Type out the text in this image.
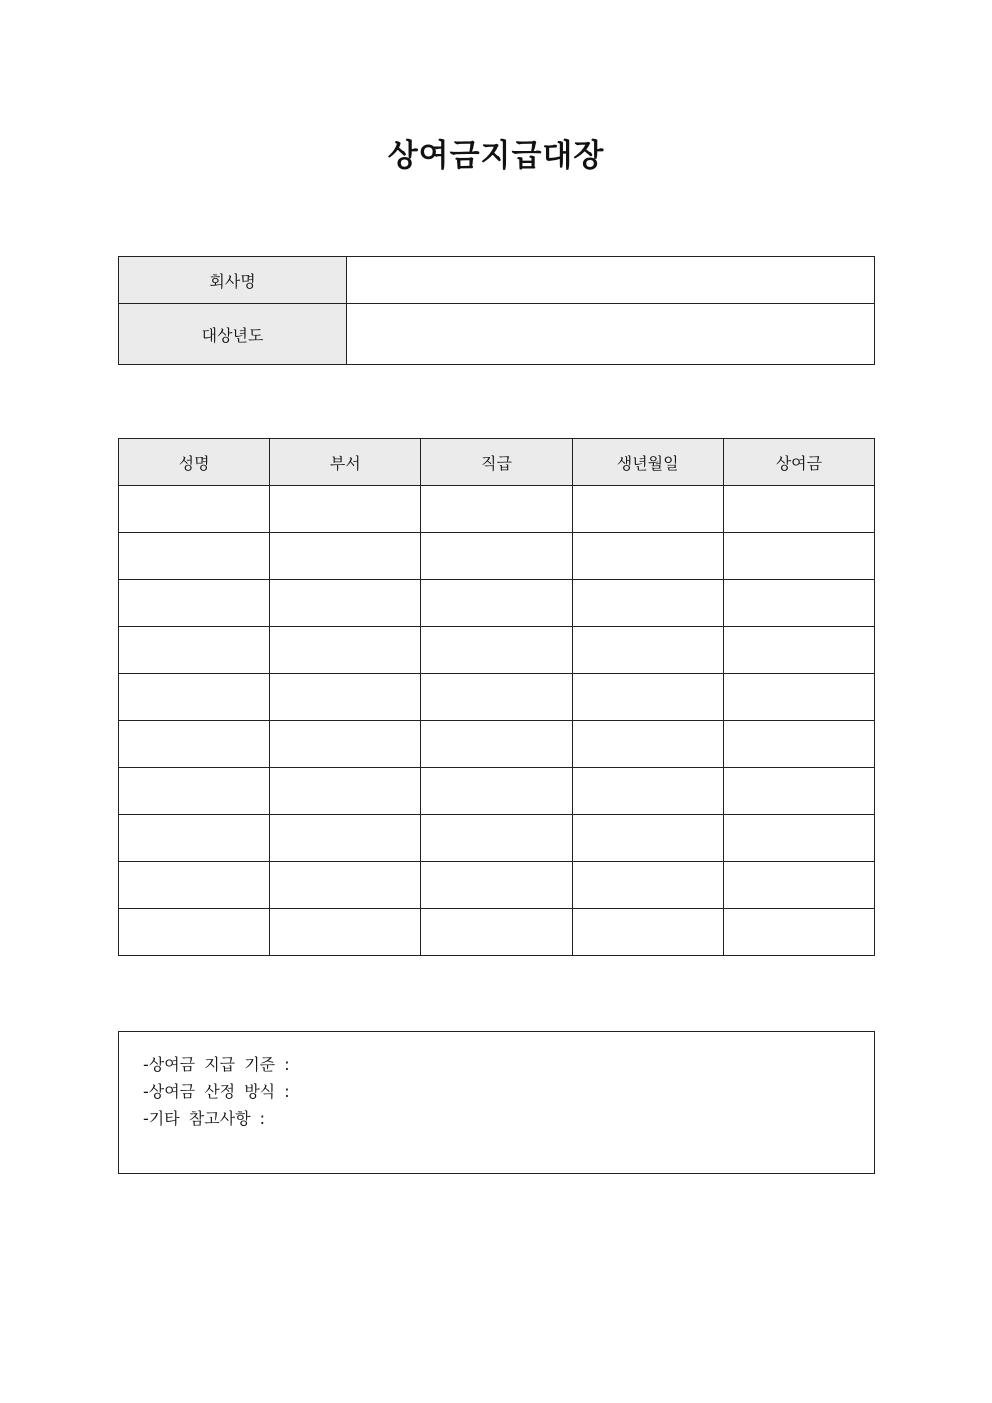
상여금지급대장
회사명	
대상년도	
성명	부서	직급	생년월일	상여금

-상여금 지급 기준 :
-상여금 산정 방식 :
-기타 참고사항 :
